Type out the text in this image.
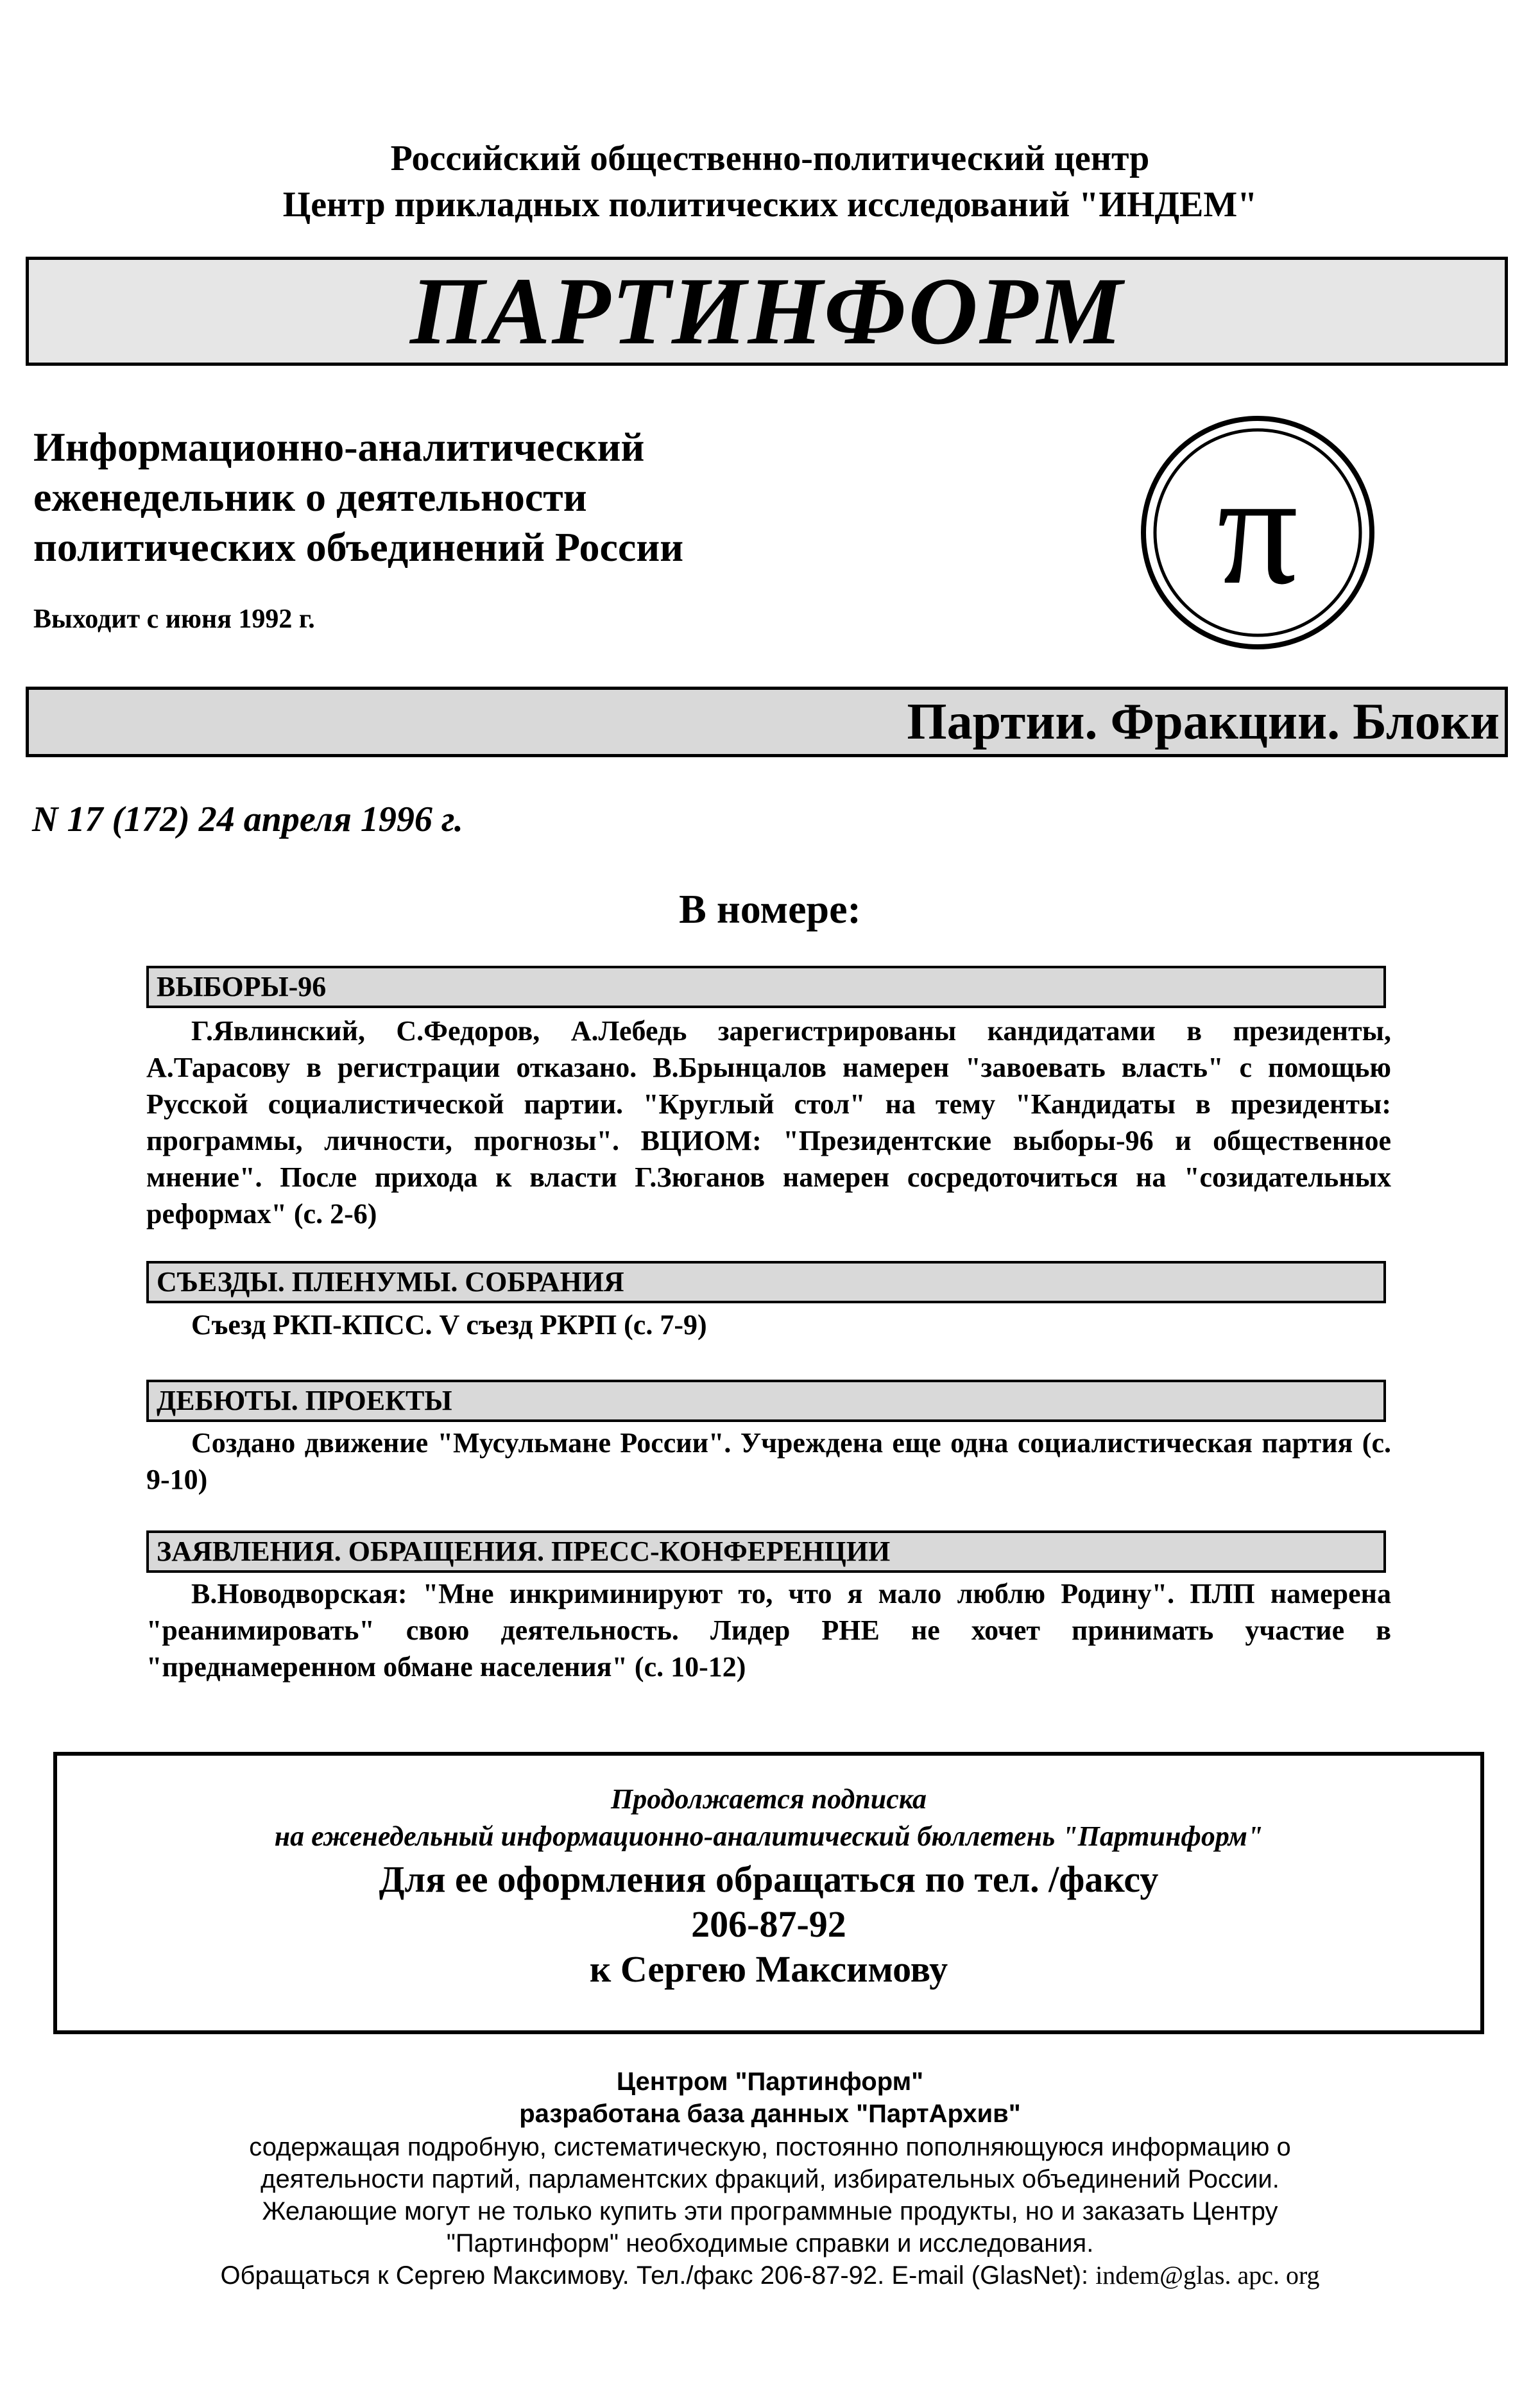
Российский общественно-политический центр
Центр прикладных политических исследований "ИНДЕМ"
ПАРТИНФОРМ
Информационно-аналитический
еженедельник о деятельности
политических объединений России
Выходит с июня 1992 г.
π
Партии. Фракции. Блоки
N 17 (172) 24 апреля 1996 г.
В номере:
ВЫБОРЫ-96
Г.Явлинский, С.Федоров, А.Лебедь зарегистрированы кандидатами в президенты, А.Тарасову в регистрации отказано. В.Брынцалов намерен "завоевать власть" с помощью Русской социалистической партии. "Круглый стол" на тему "Кандидаты в президенты: программы, личности, прогнозы". ВЦИОМ: "Президентские выборы-96 и общественное мнение". После прихода к власти Г.Зюганов намерен сосредоточиться на "созидательных реформах" (с. 2-6)
СЪЕЗДЫ. ПЛЕНУМЫ. СОБРАНИЯ
Съезд РКП-КПСС. V съезд РКРП (с. 7-9)
ДЕБЮТЫ. ПРОЕКТЫ
Создано движение "Мусульмане России". Учреждена еще одна социалистическая партия (с. 9-10)
ЗАЯВЛЕНИЯ. ОБРАЩЕНИЯ. ПРЕСС-КОНФЕРЕНЦИИ
В.Новодворская: "Мне инкриминируют то, что я мало люблю Родину". ПЛП намерена "реанимировать" свою деятельность. Лидер РНЕ не хочет принимать участие в "преднамеренном обмане населения" (с. 10-12)
Продолжается подписка
на еженедельный информационно-аналитический бюллетень "Партинформ"
Для ее оформления обращаться по тел. /факсу
206-87-92
к Сергею Максимову
Центром "Партинформ"
разработана база данных "ПартАрхив"
содержащая подробную, систематическую, постоянно пополняющуюся информацию о
деятельности партий, парламентских фракций, избирательных объединений России.
Желающие могут не только купить эти программные продукты, но и заказать Центру
"Партинформ" необходимые справки и исследования.
Обращаться к Сергею Максимову. Тел./факс 206-87-92. E-mail (GlasNet): indem@glas. apc. org
